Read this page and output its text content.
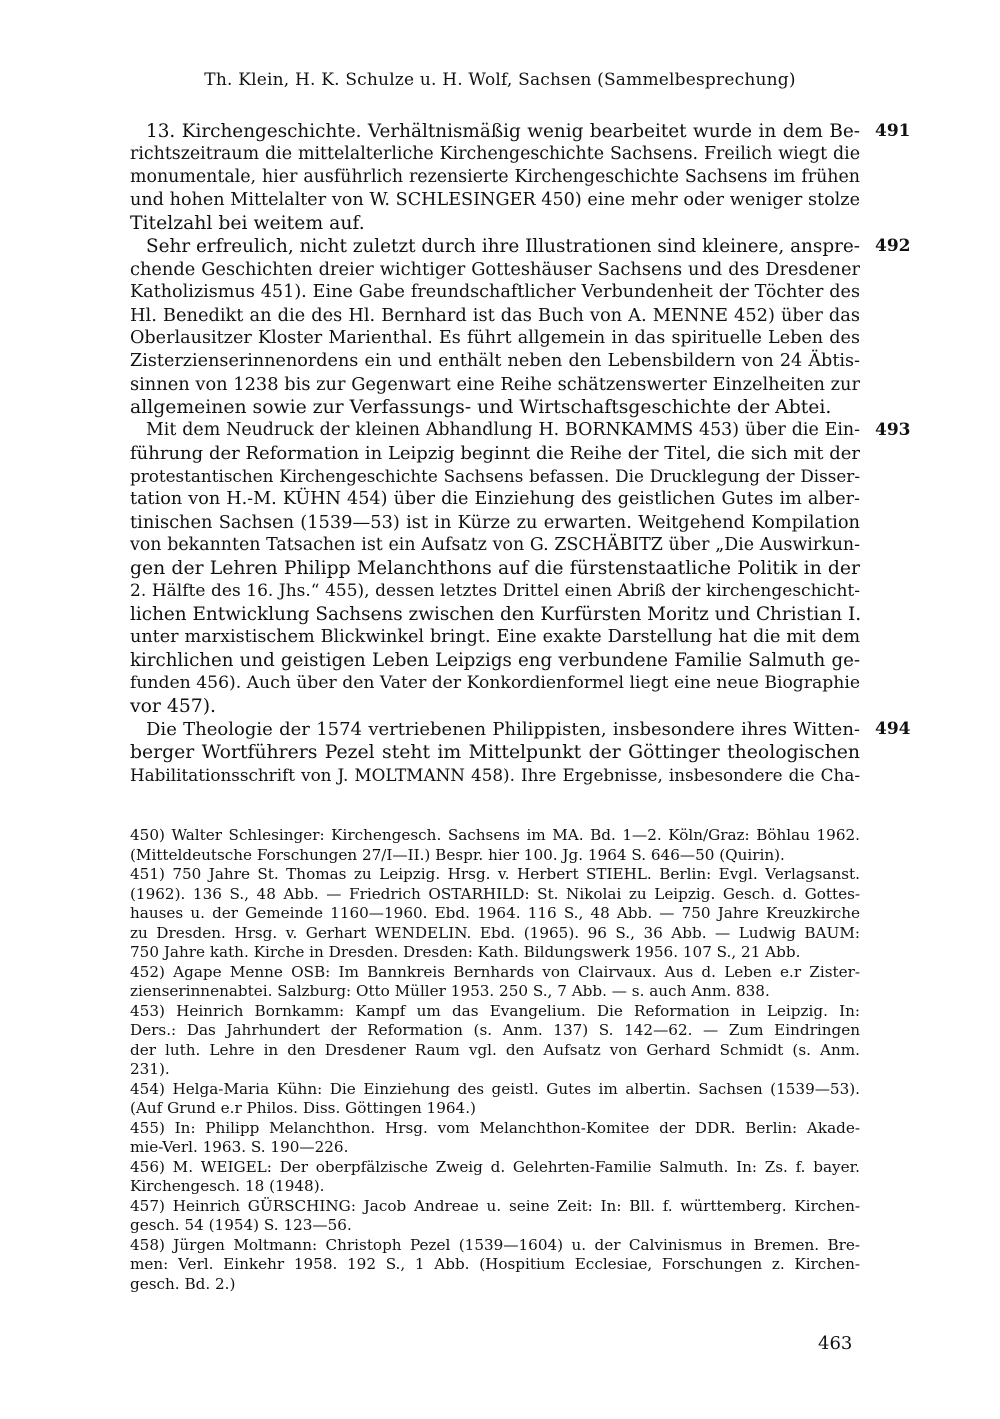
Th. Klein, H. K. Schulze u. H. Wolf, Sachsen (Sammelbesprechung)
491
13. Kirchengeschichte. Verhältnismäßig wenig bearbeitet wurde in dem Be-
richtszeitraum die mittelalterliche Kirchengeschichte Sachsens. Freilich wiegt die
monumentale, hier ausführlich rezensierte Kirchengeschichte Sachsens im frühen
und hohen Mittelalter von W. SCHLESINGER 450) eine mehr oder weniger stolze
Titelzahl bei weitem auf.
492
Sehr erfreulich, nicht zuletzt durch ihre Illustrationen sind kleinere, anspre-
chende Geschichten dreier wichtiger Gotteshäuser Sachsens und des Dresdener
Katholizismus 451). Eine Gabe freundschaftlicher Verbundenheit der Töchter des
Hl. Benedikt an die des Hl. Bernhard ist das Buch von A. MENNE 452) über das
Oberlausitzer Kloster Marienthal. Es führt allgemein in das spirituelle Leben des
Zisterzienserinnenordens ein und enthält neben den Lebensbildern von 24 Äbtis-
sinnen von 1238 bis zur Gegenwart eine Reihe schätzenswerter Einzelheiten zur
allgemeinen sowie zur Verfassungs- und Wirtschaftsgeschichte der Abtei.
493
Mit dem Neudruck der kleinen Abhandlung H. BORNKAMMS 453) über die Ein-
führung der Reformation in Leipzig beginnt die Reihe der Titel, die sich mit der
protestantischen Kirchengeschichte Sachsens befassen. Die Drucklegung der Disser-
tation von H.-M. KÜHN 454) über die Einziehung des geistlichen Gutes im alber-
tinischen Sachsen (1539—53) ist in Kürze zu erwarten. Weitgehend Kompilation
von bekannten Tatsachen ist ein Aufsatz von G. ZSCHÄBITZ über „Die Auswirkun-
gen der Lehren Philipp Melanchthons auf die fürstenstaatliche Politik in der
2. Hälfte des 16. Jhs.“ 455), dessen letztes Drittel einen Abriß der kirchengeschicht-
lichen Entwicklung Sachsens zwischen den Kurfürsten Moritz und Christian I.
unter marxistischem Blickwinkel bringt. Eine exakte Darstellung hat die mit dem
kirchlichen und geistigen Leben Leipzigs eng verbundene Familie Salmuth ge-
funden 456). Auch über den Vater der Konkordienformel liegt eine neue Biographie
vor 457).
494
Die Theologie der 1574 vertriebenen Philippisten, insbesondere ihres Witten-
berger Wortführers Pezel steht im Mittelpunkt der Göttinger theologischen
Habilitationsschrift von J. MOLTMANN 458). Ihre Ergebnisse, insbesondere die Cha-
450) Walter Schlesinger: Kirchengesch. Sachsens im MA. Bd. 1—2. Köln/Graz: Böhlau 1962.
(Mitteldeutsche Forschungen 27/I—II.) Bespr. hier 100. Jg. 1964 S. 646—50 (Quirin).
451) 750 Jahre St. Thomas zu Leipzig. Hrsg. v. Herbert STIEHL. Berlin: Evgl. Verlagsanst.
(1962). 136 S., 48 Abb. — Friedrich OSTARHILD: St. Nikolai zu Leipzig. Gesch. d. Gottes-
hauses u. der Gemeinde 1160—1960. Ebd. 1964. 116 S., 48 Abb. — 750 Jahre Kreuzkirche
zu Dresden. Hrsg. v. Gerhart WENDELIN. Ebd. (1965). 96 S., 36 Abb. — Ludwig BAUM:
750 Jahre kath. Kirche in Dresden. Dresden: Kath. Bildungswerk 1956. 107 S., 21 Abb.
452) Agape Menne OSB: Im Bannkreis Bernhards von Clairvaux. Aus d. Leben e.r Zister-
zienserinnenabtei. Salzburg: Otto Müller 1953. 250 S., 7 Abb. — s. auch Anm. 838.
453) Heinrich Bornkamm: Kampf um das Evangelium. Die Reformation in Leipzig. In:
Ders.: Das Jahrhundert der Reformation (s. Anm. 137) S. 142—62. — Zum Eindringen
der luth. Lehre in den Dresdener Raum vgl. den Aufsatz von Gerhard Schmidt (s. Anm.
231).
454) Helga-Maria Kühn: Die Einziehung des geistl. Gutes im albertin. Sachsen (1539—53).
(Auf Grund e.r Philos. Diss. Göttingen 1964.)
455) In: Philipp Melanchthon. Hrsg. vom Melanchthon-Komitee der DDR. Berlin: Akade-
mie-Verl. 1963. S. 190—226.
456) M. WEIGEL: Der oberpfälzische Zweig d. Gelehrten-Familie Salmuth. In: Zs. f. bayer.
Kirchengesch. 18 (1948).
457) Heinrich GÜRSCHING: Jacob Andreae u. seine Zeit: In: Bll. f. württemberg. Kirchen-
gesch. 54 (1954) S. 123—56.
458) Jürgen Moltmann: Christoph Pezel (1539—1604) u. der Calvinismus in Bremen. Bre-
men: Verl. Einkehr 1958. 192 S., 1 Abb. (Hospitium Ecclesiae, Forschungen z. Kirchen-
gesch. Bd. 2.)
463
